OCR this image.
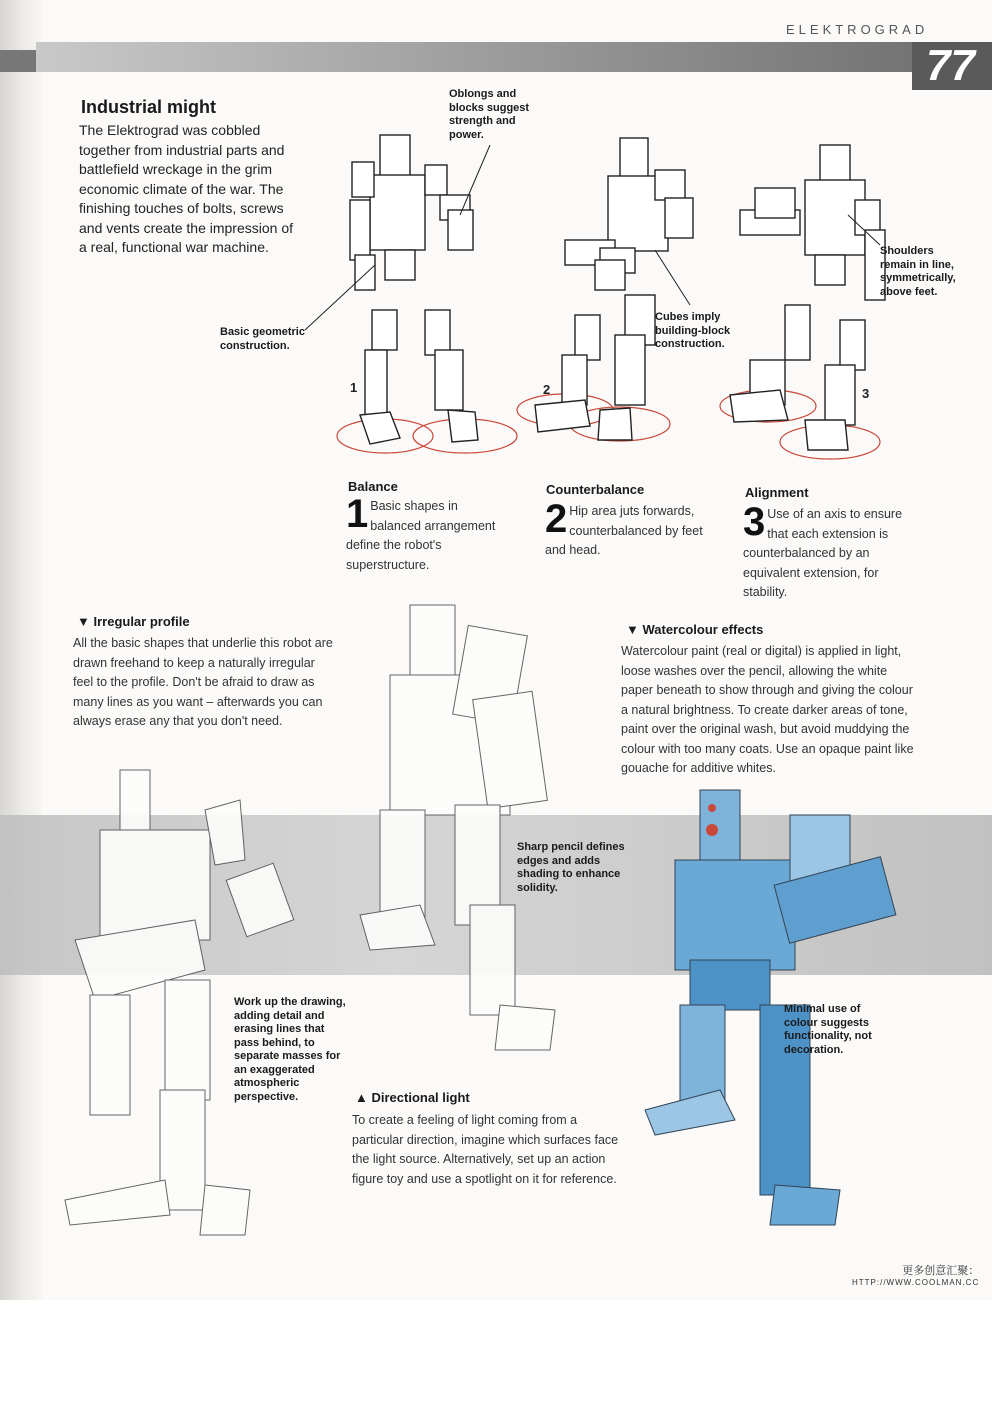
77
ELEKTROGRAD
Industrial might
The Elektrograd was cobbled together from industrial parts and battlefield wreckage in the grim economic climate of the war. The finishing touches of bolts, screws and vents create the impression of a real, functional war machine.
Oblongs and blocks suggest strength and power.
Basic geometric construction.
Cubes imply building-block construction.
Shoulders remain in line, symmetrically, above feet.
1	2	3
Balance
1 Basic shapes in balanced arrangement define the robot's superstructure.
Counterbalance
2 Hip area juts forwards, counterbalanced by feet and head.
Alignment
3 Use of an axis to ensure that each extension is counterbalanced by an equivalent extension, for stability.
Sharp pencil defines edges and adds shading to enhance solidity.
Work up the drawing, adding detail and erasing lines that pass behind, to separate masses for an exaggerated atmospheric perspective.
Minimal use of colour suggests functionality, not decoration.
▼ Irregular profile
All the basic shapes that underlie this robot are drawn freehand to keep a naturally irregular feel to the profile. Don't be afraid to draw as many lines as you want – afterwards you can always erase any that you don't need.
▼ Watercolour effects
Watercolour paint (real or digital) is applied in light, loose washes over the pencil, allowing the white paper beneath to show through and giving the colour a natural brightness. To create darker areas of tone, paint over the original wash, but avoid muddying the colour with too many coats. Use an opaque paint like gouache for additive whites.
▲ Directional light
To create a feeling of light coming from a particular direction, imagine which surfaces face the light source. Alternatively, set up an action figure toy and use a spotlight on it for reference.
更多创意汇聚：
HTTP://WWW.COOLMAN.CC
